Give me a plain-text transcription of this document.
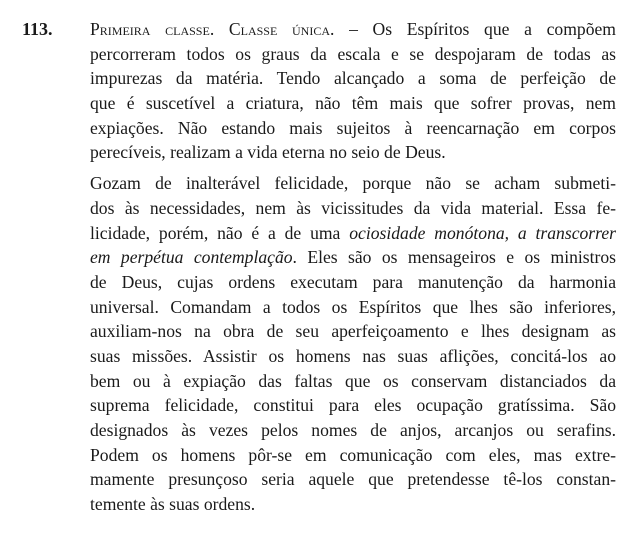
113. Primeira classe. Classe única. – Os Espíritos que a compõem
percorreram todos os graus da escala e se despojaram de todas as
impurezas da matéria. Tendo alcançado a soma de perfeição de
que é suscetível a criatura, não têm mais que sofrer provas, nem
expiações. Não estando mais sujeitos à reencarnação em corpos
perecíveis, realizam a vida eterna no seio de Deus.
Gozam de inalterável felicidade, porque não se acham submeti-
dos às necessidades, nem às vicissitudes da vida material. Essa fe-
licidade, porém, não é a de uma ociosidade monótona, a transcorrer
em perpétua contemplação. Eles são os mensageiros e os ministros
de Deus, cujas ordens executam para manutenção da harmonia
universal. Comandam a todos os Espíritos que lhes são inferiores,
auxiliam-nos na obra de seu aperfeiçoamento e lhes designam as
suas missões. Assistir os homens nas suas aflições, concitá-los ao
bem ou à expiação das faltas que os conservam distanciados da
suprema felicidade, constitui para eles ocupação gratíssima. São
designados às vezes pelos nomes de anjos, arcanjos ou serafins.
Podem os homens pôr-se em comunicação com eles, mas extre-
mamente presunçoso seria aquele que pretendesse tê-los constan-
temente às suas ordens.
